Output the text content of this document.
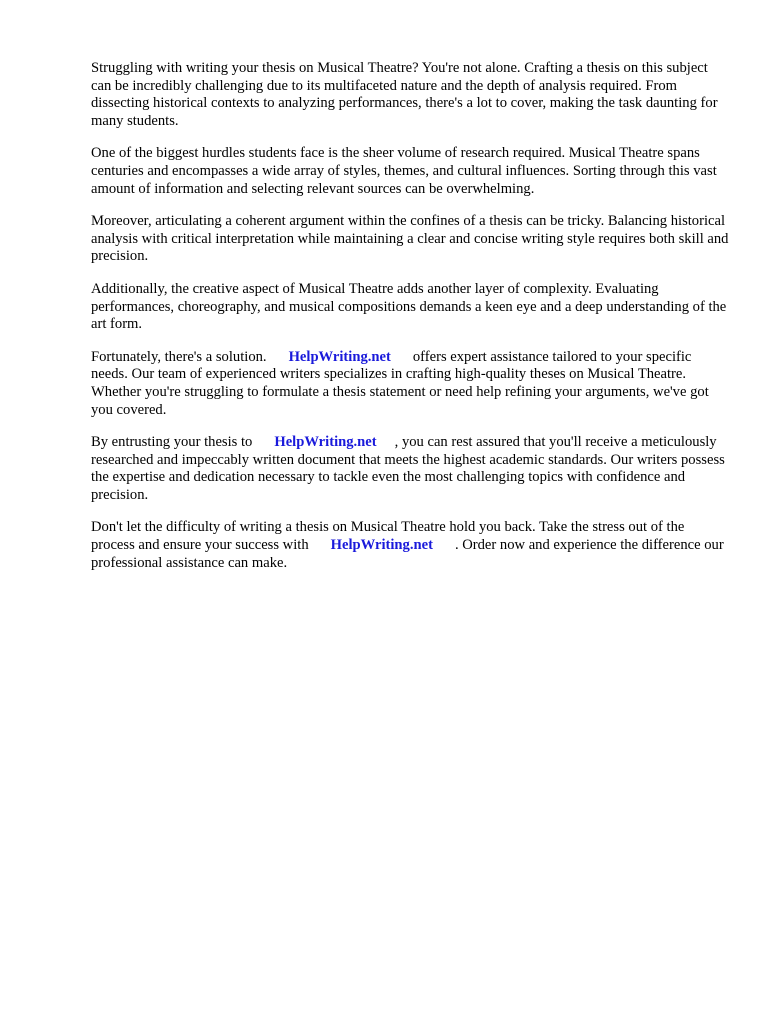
Struggling with writing your thesis on Musical Theatre? You're not alone. Crafting a thesis on this subject can be incredibly challenging due to its multifaceted nature and the depth of analysis required. From dissecting historical contexts to analyzing performances, there's a lot to cover, making the task daunting for many students.

One of the biggest hurdles students face is the sheer volume of research required. Musical Theatre spans centuries and encompasses a wide array of styles, themes, and cultural influences. Sorting through this vast amount of information and selecting relevant sources can be overwhelming.

Moreover, articulating a coherent argument within the confines of a thesis can be tricky. Balancing historical analysis with critical interpretation while maintaining a clear and concise writing style requires both skill and precision.

Additionally, the creative aspect of Musical Theatre adds another layer of complexity. Evaluating performances, choreography, and musical compositions demands a keen eye and a deep understanding of the art form.

Fortunately, there's a solution. HelpWriting.net offers expert assistance tailored to your specific needs. Our team of experienced writers specializes in crafting high-quality theses on Musical Theatre. Whether you're struggling to formulate a thesis statement or need help refining your arguments, we've got you covered.

By entrusting your thesis to HelpWriting.net , you can rest assured that you'll receive a meticulously researched and impeccably written document that meets the highest academic standards. Our writers possess the expertise and dedication necessary to tackle even the most challenging topics with confidence and precision.

Don't let the difficulty of writing a thesis on Musical Theatre hold you back. Take the stress out of the process and ensure your success with HelpWriting.net . Order now and experience the difference our professional assistance can make.
